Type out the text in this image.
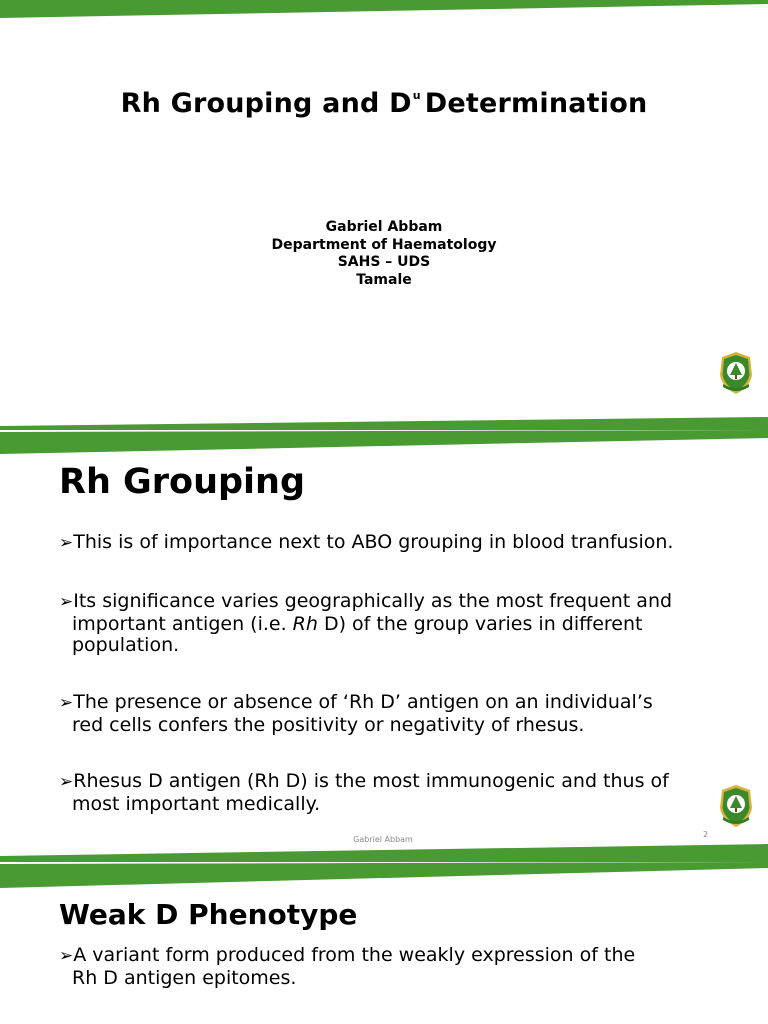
Rh Grouping and $D^u$ Determination
Gabriel Abbam
Department of Haematology
SAHS – UDS
Tamale
Rh Grouping
➢This is of importance next to ABO grouping in blood tranfusion.
➢Its significance varies geographically as the most frequent and
important antigen (i.e. Rh D) of the group varies in different
population.
➢The presence or absence of ‘Rh D’ antigen on an individual’s
red cells confers the positivity or negativity of rhesus.
➢Rhesus D antigen (Rh D) is the most immunogenic and thus of
most important medically.
Gabriel Abbam
2
Weak D Phenotype
➢A variant form produced from the weakly expression of the
Rh D antigen epitomes.
